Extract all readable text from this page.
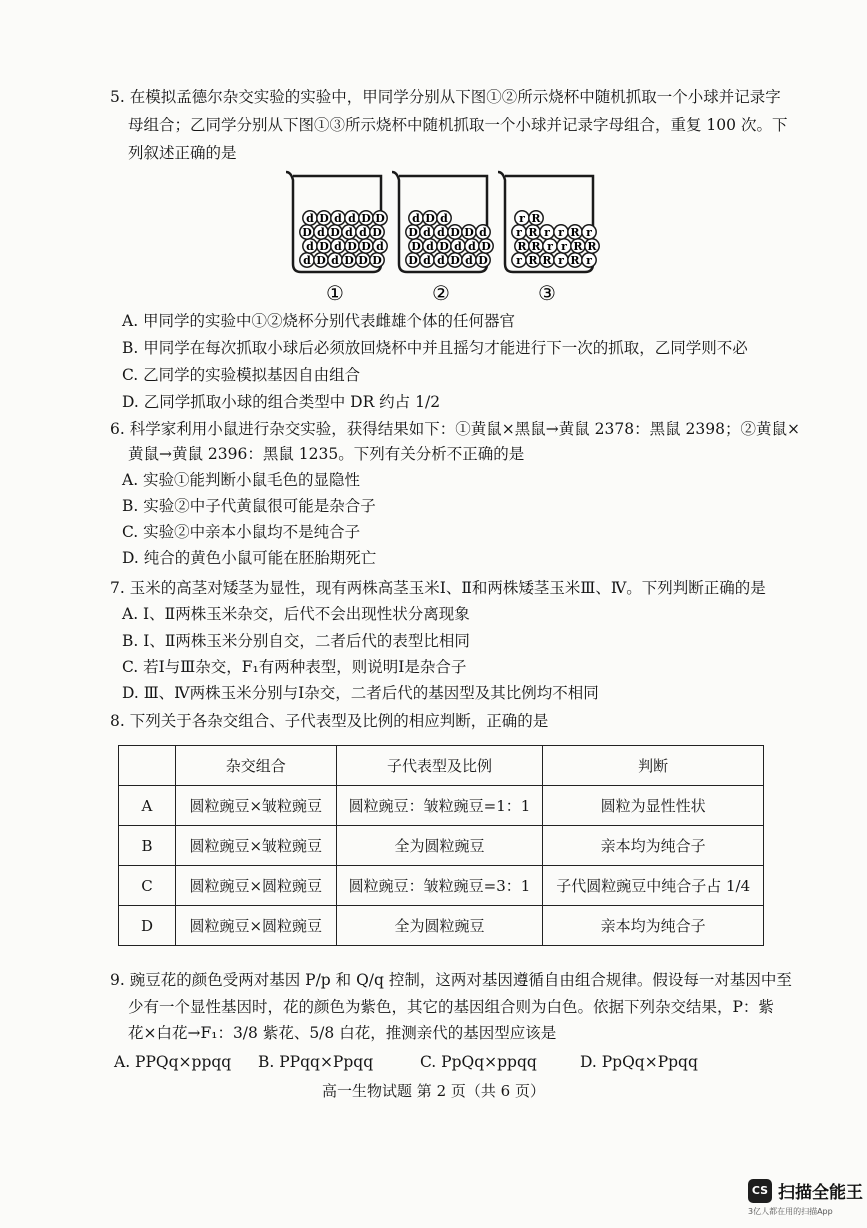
5. 在模拟孟德尔杂交实验的实验中，甲同学分别从下图①②所示烧杯中随机抓取一个小球并记录字
母组合；乙同学分别从下图①③所示烧杯中随机抓取一个小球并记录字母组合，重复 100 次。下
列叙述正确的是
d D d D D D
d D d D D d
D d D d d D
d D d d D D
①
D d d D d D
D d D d d D
D d d D D d
d D d
②
r R R r R r
R R r r R R
r R r r R r
r R
③
A. 甲同学的实验中①②烧杯分别代表雌雄个体的任何器官
B. 甲同学在每次抓取小球后必须放回烧杯中并且摇匀才能进行下一次的抓取，乙同学则不必
C. 乙同学的实验模拟基因自由组合
D. 乙同学抓取小球的组合类型中 DR 约占 1/2
6. 科学家利用小鼠进行杂交实验，获得结果如下：①黄鼠×黑鼠→黄鼠 2378：黑鼠 2398；②黄鼠×
黄鼠→黄鼠 2396：黑鼠 1235。下列有关分析不正确的是
A. 实验①能判断小鼠毛色的显隐性
B. 实验②中子代黄鼠很可能是杂合子
C. 实验②中亲本小鼠均不是纯合子
D. 纯合的黄色小鼠可能在胚胎期死亡
7. 玉米的高茎对矮茎为显性，现有两株高茎玉米Ⅰ、Ⅱ和两株矮茎玉米Ⅲ、Ⅳ。下列判断正确的是
A. Ⅰ、Ⅱ两株玉米杂交，后代不会出现性状分离现象
B. Ⅰ、Ⅱ两株玉米分别自交，二者后代的表型比相同
C. 若Ⅰ与Ⅲ杂交，F₁有两种表型，则说明Ⅰ是杂合子
D. Ⅲ、Ⅳ两株玉米分别与Ⅰ杂交，二者后代的基因型及其比例均不相同
8. 下列关于各杂交组合、子代表型及比例的相应判断，正确的是
	杂交组合	子代表型及比例	判断
A	圆粒豌豆×皱粒豌豆	圆粒豌豆：皱粒豌豆=1：1	圆粒为显性性状
B	圆粒豌豆×皱粒豌豆	全为圆粒豌豆	亲本均为纯合子
C	圆粒豌豆×圆粒豌豆	圆粒豌豆：皱粒豌豆=3：1	子代圆粒豌豆中纯合子占 1/4
D	圆粒豌豆×圆粒豌豆	全为圆粒豌豆	亲本均为纯合子
9. 豌豆花的颜色受两对基因 P/p 和 Q/q 控制，这两对基因遵循自由组合规律。假设每一对基因中至
少有一个显性基因时，花的颜色为紫色，其它的基因组合则为白色。依据下列杂交结果，P：紫
花×白花→F₁：3/8 紫花、5/8 白花，推测亲代的基因型应该是
A. PPQq×ppqq B. PPqq×Ppqq	C. PpQq×ppqq	D. PpQq×Ppqq
高一生物试题 第 2 页（共 6 页）
CS 扫描全能王
3亿人都在用的扫描App
